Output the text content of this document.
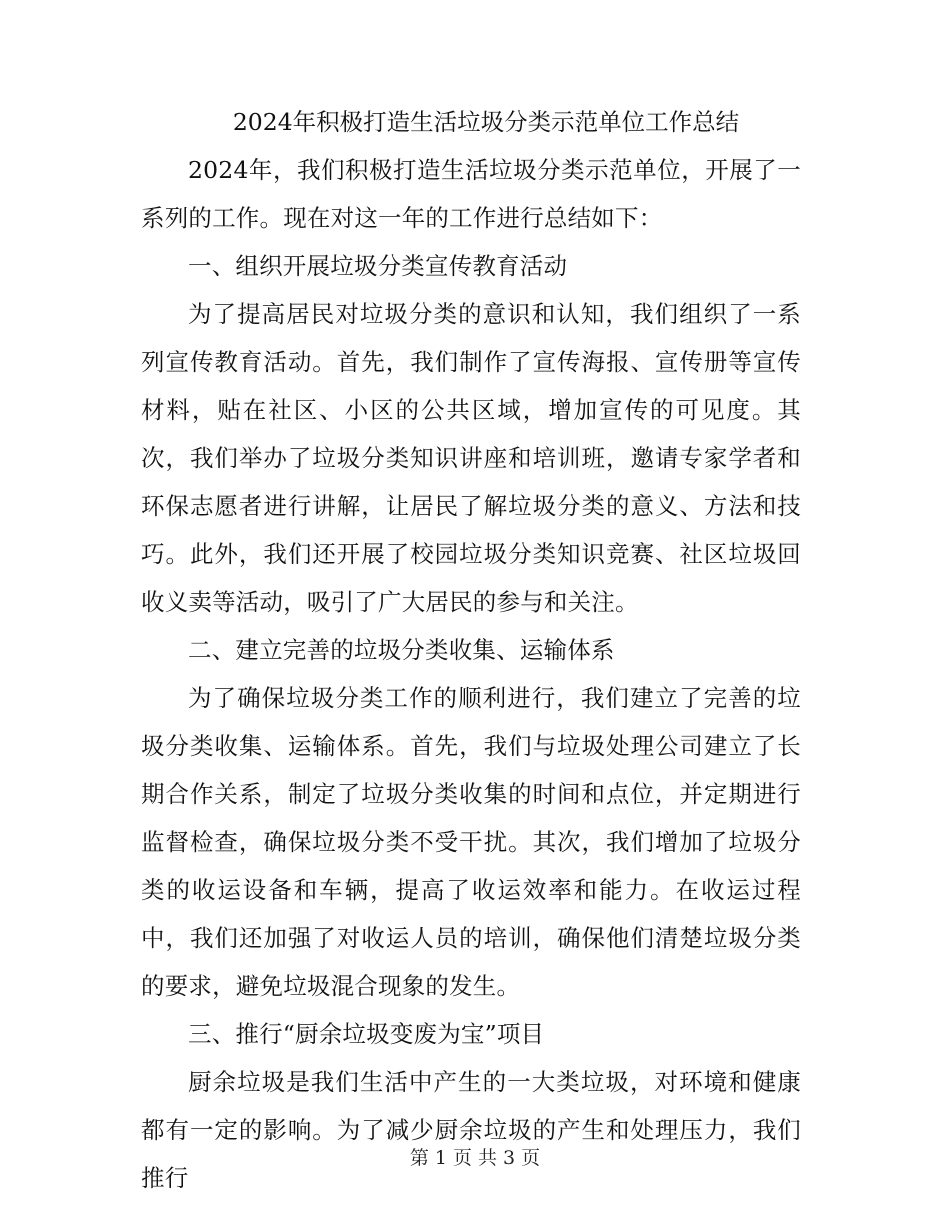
2024年积极打造生活垃圾分类示范单位工作总结

2024年，我们积极打造生活垃圾分类示范单位，开展了一系列的工作。现在对这一年的工作进行总结如下：

一、组织开展垃圾分类宣传教育活动

为了提高居民对垃圾分类的意识和认知，我们组织了一系列宣传教育活动。首先，我们制作了宣传海报、宣传册等宣传材料，贴在社区、小区的公共区域，增加宣传的可见度。其次，我们举办了垃圾分类知识讲座和培训班，邀请专家学者和环保志愿者进行讲解，让居民了解垃圾分类的意义、方法和技巧。此外，我们还开展了校园垃圾分类知识竞赛、社区垃圾回收义卖等活动，吸引了广大居民的参与和关注。

二、建立完善的垃圾分类收集、运输体系

为了确保垃圾分类工作的顺利进行，我们建立了完善的垃圾分类收集、运输体系。首先，我们与垃圾处理公司建立了长期合作关系，制定了垃圾分类收集的时间和点位，并定期进行监督检查，确保垃圾分类不受干扰。其次，我们增加了垃圾分类的收运设备和车辆，提高了收运效率和能力。在收运过程中，我们还加强了对收运人员的培训，确保他们清楚垃圾分类的要求，避免垃圾混合现象的发生。

三、推行“厨余垃圾变废为宝”项目

厨余垃圾是我们生活中产生的一大类垃圾，对环境和健康都有一定的影响。为了减少厨余垃圾的产生和处理压力，我们推行

第 1 页 共 3 页
